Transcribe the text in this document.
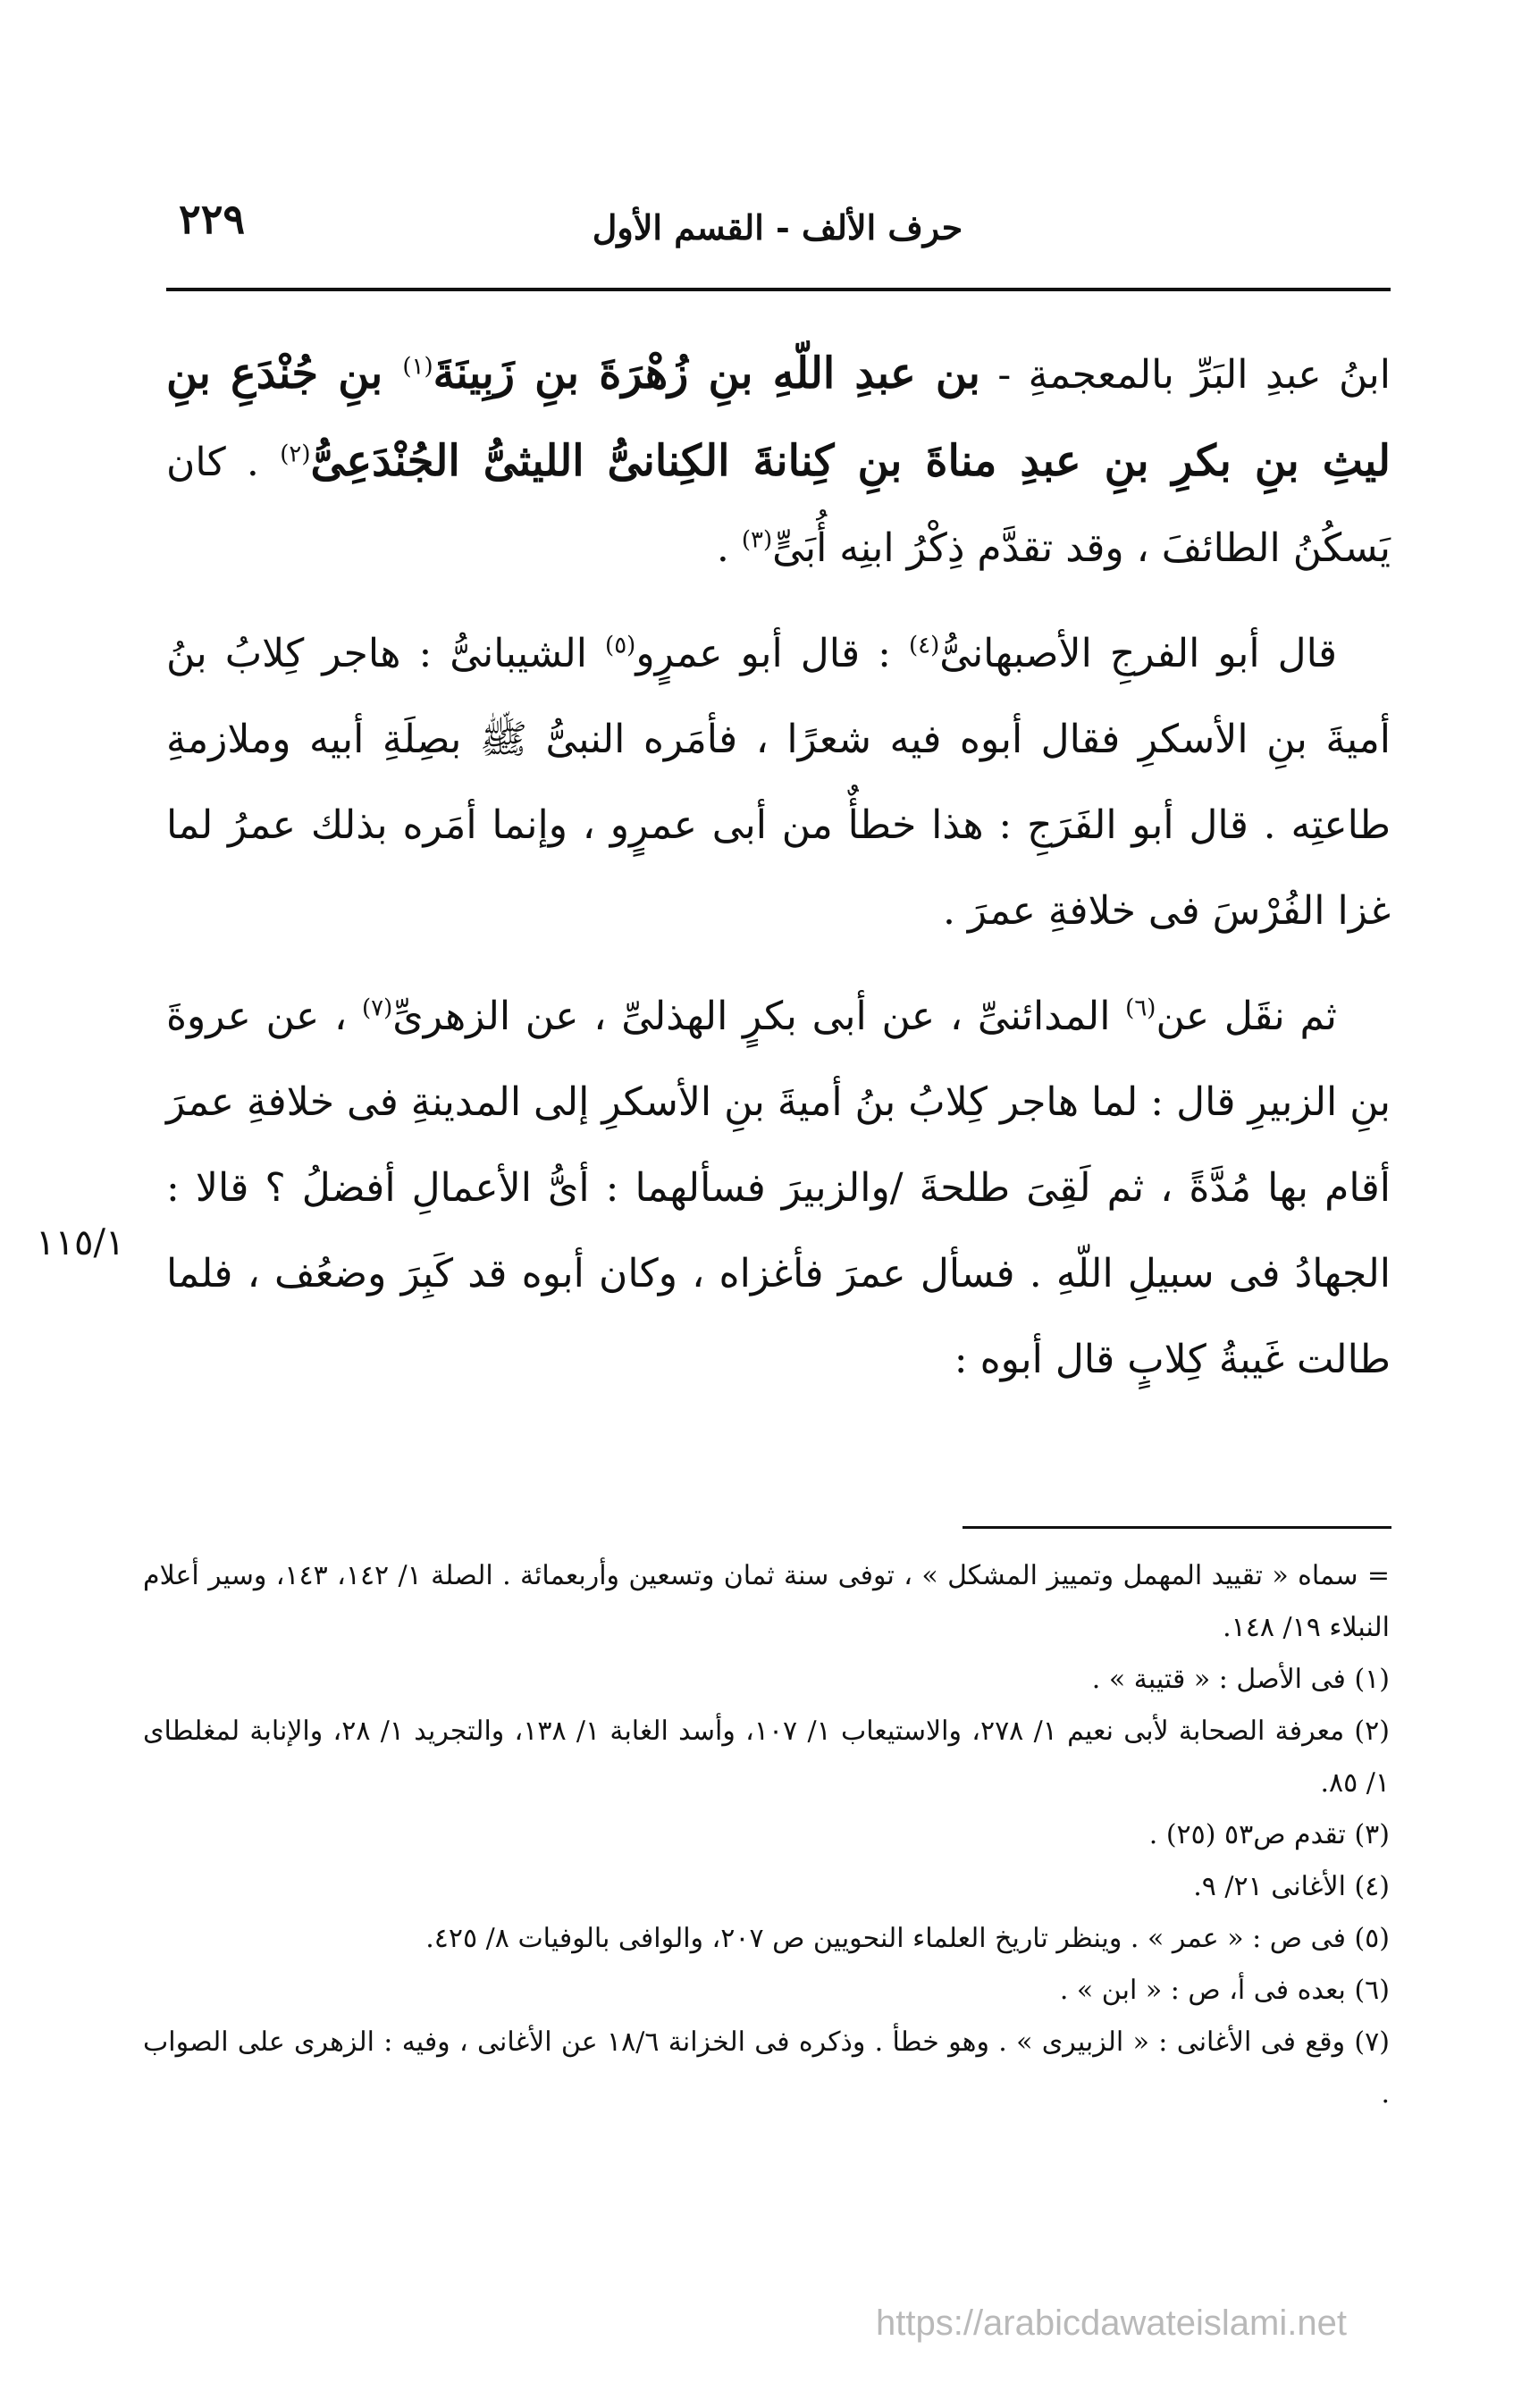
٢٢٩	حرف الألف - القسم الأول

ابنُ عبدِ البَرِّ بالمعجمةِ - بن عبدِ اللّهِ بنِ زُهْرَةَ بنِ زَبِينَةَ$^{(١)}$ بنِ جُنْدَعِ بنِ ليثِ بنِ بكرِ بنِ عبدِ مناةَ بنِ كِنانةَ الكِنانىُّ الليثىُّ الجُنْدَعِىُّ$^{(٢)}$ . كان يَسكُنُ الطائفَ ، وقد تقدَّم ذِكْرُ ابنِه أُبَىٍّ$^{(٣)}$ .

قال أبو الفرجِ الأصبهانىُّ$^{(٤)}$ : قال أبو عمرٍو$^{(٥)}$ الشيبانىُّ : هاجر كِلابُ بنُ أميةَ بنِ الأسكرِ فقال أبوه فيه شعرًا ، فأمَره النبىُّ ﷺ بصِلَةِ أبيه وملازمةِ طاعتِه . قال أبو الفَرَجِ : هذا خطأٌ من أبى عمرٍو ، وإنما أمَره بذلك عمرُ لما غزا الفُرْسَ فى خلافةِ عمرَ .

ثم نقَل عن$^{(٦)}$ المدائنىِّ ، عن أبى بكرٍ الهذلىِّ ، عن الزهرىِّ$^{(٧)}$ ، عن عروةَ بنِ الزبيرِ قال : لما هاجر كِلابُ بنُ أميةَ بنِ الأسكرِ إلى المدينةِ فى خلافةِ عمرَ أقام بها مُدَّةً ، ثم لَقِىَ طلحةَ /والزبيرَ فسألهما : أىُّ الأعمالِ أفضلُ ؟ قالا : الجهادُ فى سبيلِ اللّهِ . فسأل عمرَ فأغزاه ، وكان أبوه قد كَبِرَ وضعُف ، فلما طالت غَيبةُ كِلابٍ قال أبوه :

١١٥/١

= سماه « تقييد المهمل وتمييز المشكل » ، توفى سنة ثمان وتسعين وأربعمائة . الصلة ١/ ١٤٢، ١٤٣، وسير أعلام النبلاء ١٩/ ١٤٨.

(١) فى الأصل : « قتيبة » .

(٢) معرفة الصحابة لأبى نعيم ١/ ٢٧٨، والاستيعاب ١/ ١٠٧، وأسد الغابة ١/ ١٣٨، والتجريد ١/ ٢٨، والإنابة لمغلطاى ١/ ٨٥.

(٣) تقدم ص٥٣ (٢٥) .

(٤) الأغانى ٢١/ ٩.

(٥) فى ص : « عمر » . وينظر تاريخ العلماء النحويين ص ٢٠٧، والوافى بالوفيات ٨/ ٤٢٥.

(٦) بعده فى أ، ص : « ابن » .

(٧) وقع فى الأغانى : « الزبيرى » . وهو خطأ . وذكره فى الخزانة ١٨/٦ عن الأغانى ، وفيه : الزهرى على الصواب .

https://arabicdawateislami.net
